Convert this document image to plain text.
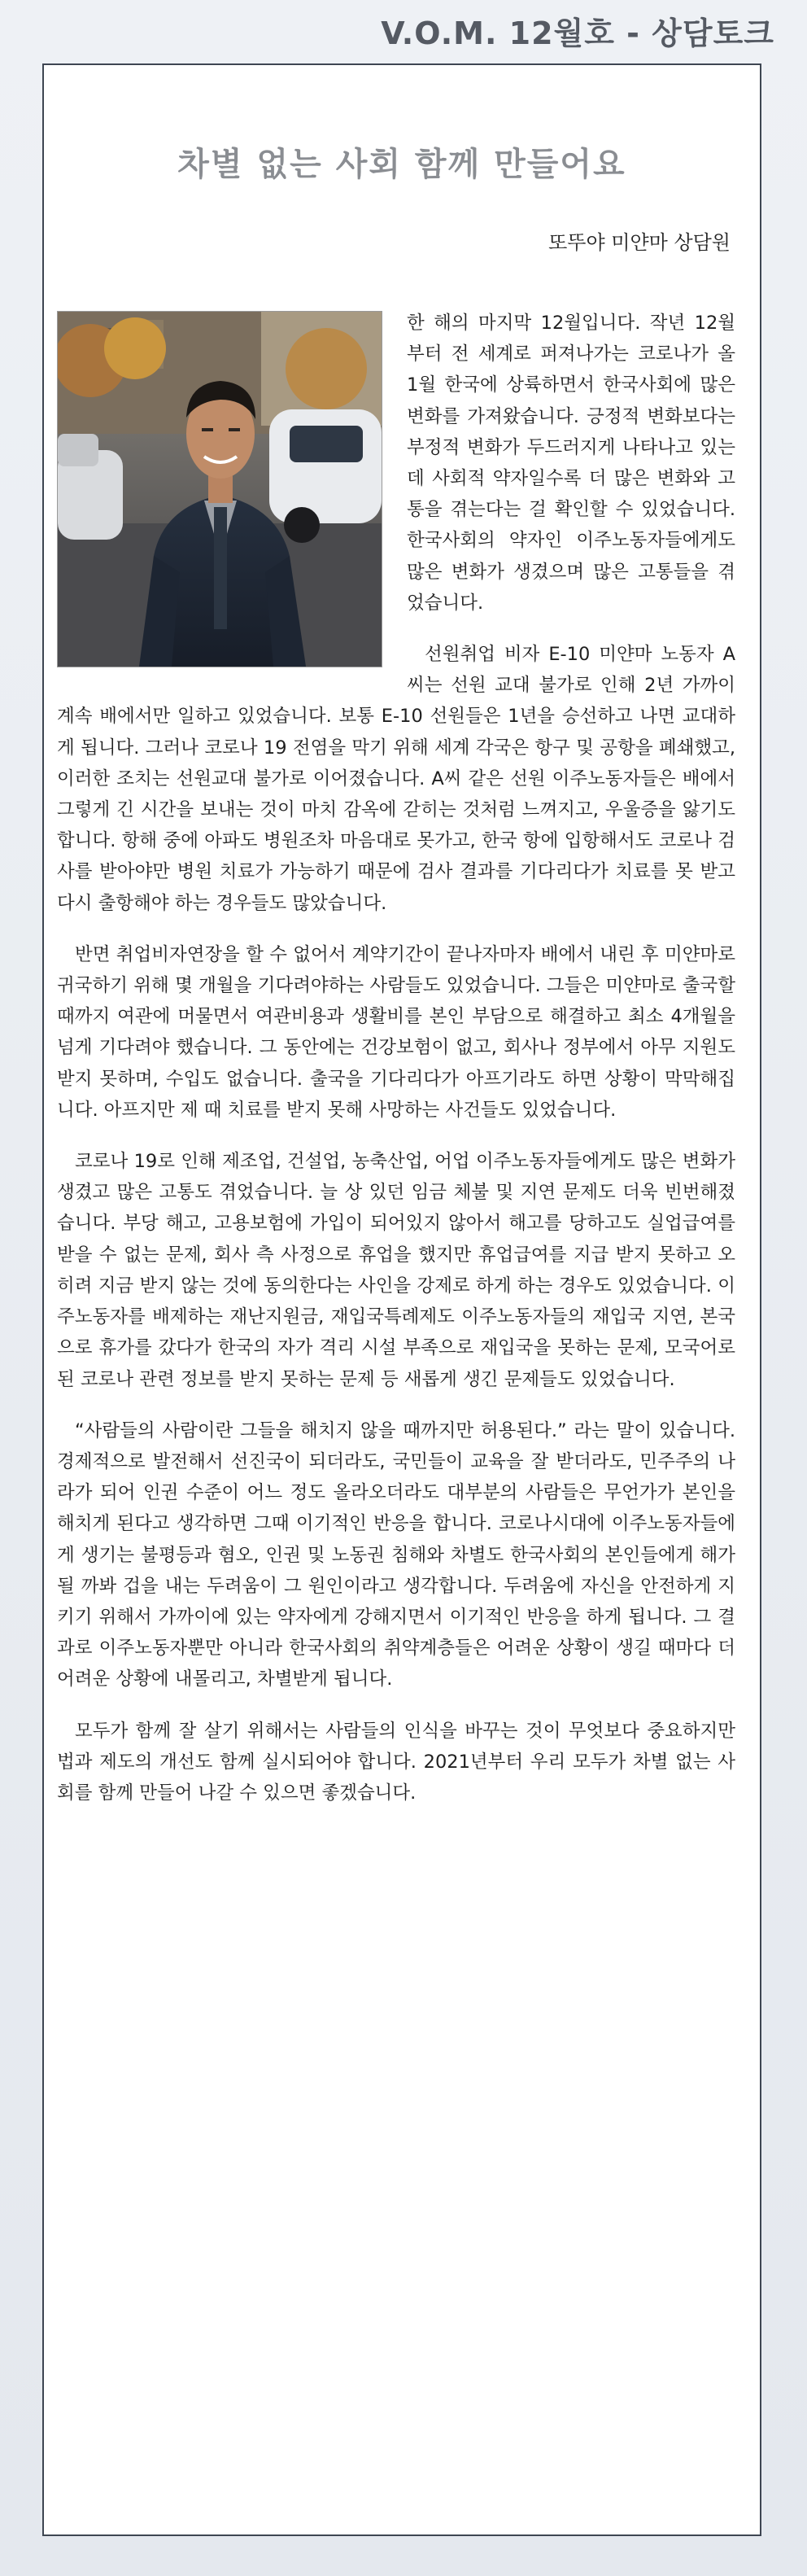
V.O.M. 12월호 - 상담토크
차별 없는 사회 함께 만들어요
또뚜야 미얀마 상담원

한 해의 마지막 12월입니다. 작년 12월부터 전 세계로 퍼져나가는 코로나가 올 1월 한국에 상륙하면서 한국사회에 많은 변화를 가져왔습니다. 긍정적 변화보다는 부정적 변화가 두드러지게 나타나고 있는데 사회적 약자일수록 더 많은 변화와 고통을 겪는다는 걸 확인할 수 있었습니다. 한국사회의 약자인 이주노동자들에게도 많은 변화가 생겼으며 많은 고통들을 겪었습니다.

선원취업 비자 E-10 미얀마 노동자 A씨는 선원 교대 불가로 인해 2년 가까이 계속 배에서만 일하고 있었습니다. 보통 E-10 선원들은 1년을 승선하고 나면 교대하게 됩니다. 그러나 코로나 19 전염을 막기 위해 세계 각국은 항구 및 공항을 폐쇄했고, 이러한 조치는 선원교대 불가로 이어졌습니다. A씨 같은 선원 이주노동자들은 배에서 그렇게 긴 시간을 보내는 것이 마치 감옥에 갇히는 것처럼 느껴지고, 우울증을 앓기도 합니다. 항해 중에 아파도 병원조차 마음대로 못가고, 한국 항에 입항해서도 코로나 검사를 받아야만 병원 치료가 가능하기 때문에 검사 결과를 기다리다가 치료를 못 받고 다시 출항해야 하는 경우들도 많았습니다.

반면 취업비자연장을 할 수 없어서 계약기간이 끝나자마자 배에서 내린 후 미얀마로 귀국하기 위해 몇 개월을 기다려야하는 사람들도 있었습니다. 그들은 미얀마로 출국할 때까지 여관에 머물면서 여관비용과 생활비를 본인 부담으로 해결하고 최소 4개월을 넘게 기다려야 했습니다. 그 동안에는 건강보험이 없고, 회사나 정부에서 아무 지원도 받지 못하며, 수입도 없습니다. 출국을 기다리다가 아프기라도 하면 상황이 막막해집니다. 아프지만 제 때 치료를 받지 못해 사망하는 사건들도 있었습니다.

코로나 19로 인해 제조업, 건설업, 농축산업, 어업 이주노동자들에게도 많은 변화가 생겼고 많은 고통도 겪었습니다. 늘 상 있던 임금 체불 및 지연 문제도 더욱 빈번해졌습니다. 부당 해고, 고용보험에 가입이 되어있지 않아서 해고를 당하고도 실업급여를 받을 수 없는 문제, 회사 측 사정으로 휴업을 했지만 휴업급여를 지급 받지 못하고 오히려 지금 받지 않는 것에 동의한다는 사인을 강제로 하게 하는 경우도 있었습니다. 이주노동자를 배제하는 재난지원금, 재입국특례제도 이주노동자들의 재입국 지연, 본국으로 휴가를 갔다가 한국의 자가 격리 시설 부족으로 재입국을 못하는 문제, 모국어로 된 코로나 관련 정보를 받지 못하는 문제 등 새롭게 생긴 문제들도 있었습니다.

“사람들의 사람이란 그들을 해치지 않을 때까지만 허용된다.” 라는 말이 있습니다. 경제적으로 발전해서 선진국이 되더라도, 국민들이 교육을 잘 받더라도, 민주주의 나라가 되어 인권 수준이 어느 정도 올라오더라도 대부분의 사람들은 무언가가 본인을 해치게 된다고 생각하면 그때 이기적인 반응을 합니다. 코로나시대에 이주노동자들에게 생기는 불평등과 혐오, 인권 및 노동권 침해와 차별도 한국사회의 본인들에게 해가 될 까봐 겁을 내는 두려움이 그 원인이라고 생각합니다. 두려움에 자신을 안전하게 지키기 위해서 가까이에 있는 약자에게 강해지면서 이기적인 반응을 하게 됩니다. 그 결과로 이주노동자뿐만 아니라 한국사회의 취약계층들은 어려운 상황이 생길 때마다 더 어려운 상황에 내몰리고, 차별받게 됩니다.

모두가 함께 잘 살기 위해서는 사람들의 인식을 바꾸는 것이 무엇보다 중요하지만 법과 제도의 개선도 함께 실시되어야 합니다. 2021년부터 우리 모두가 차별 없는 사회를 함께 만들어 나갈 수 있으면 좋겠습니다.
